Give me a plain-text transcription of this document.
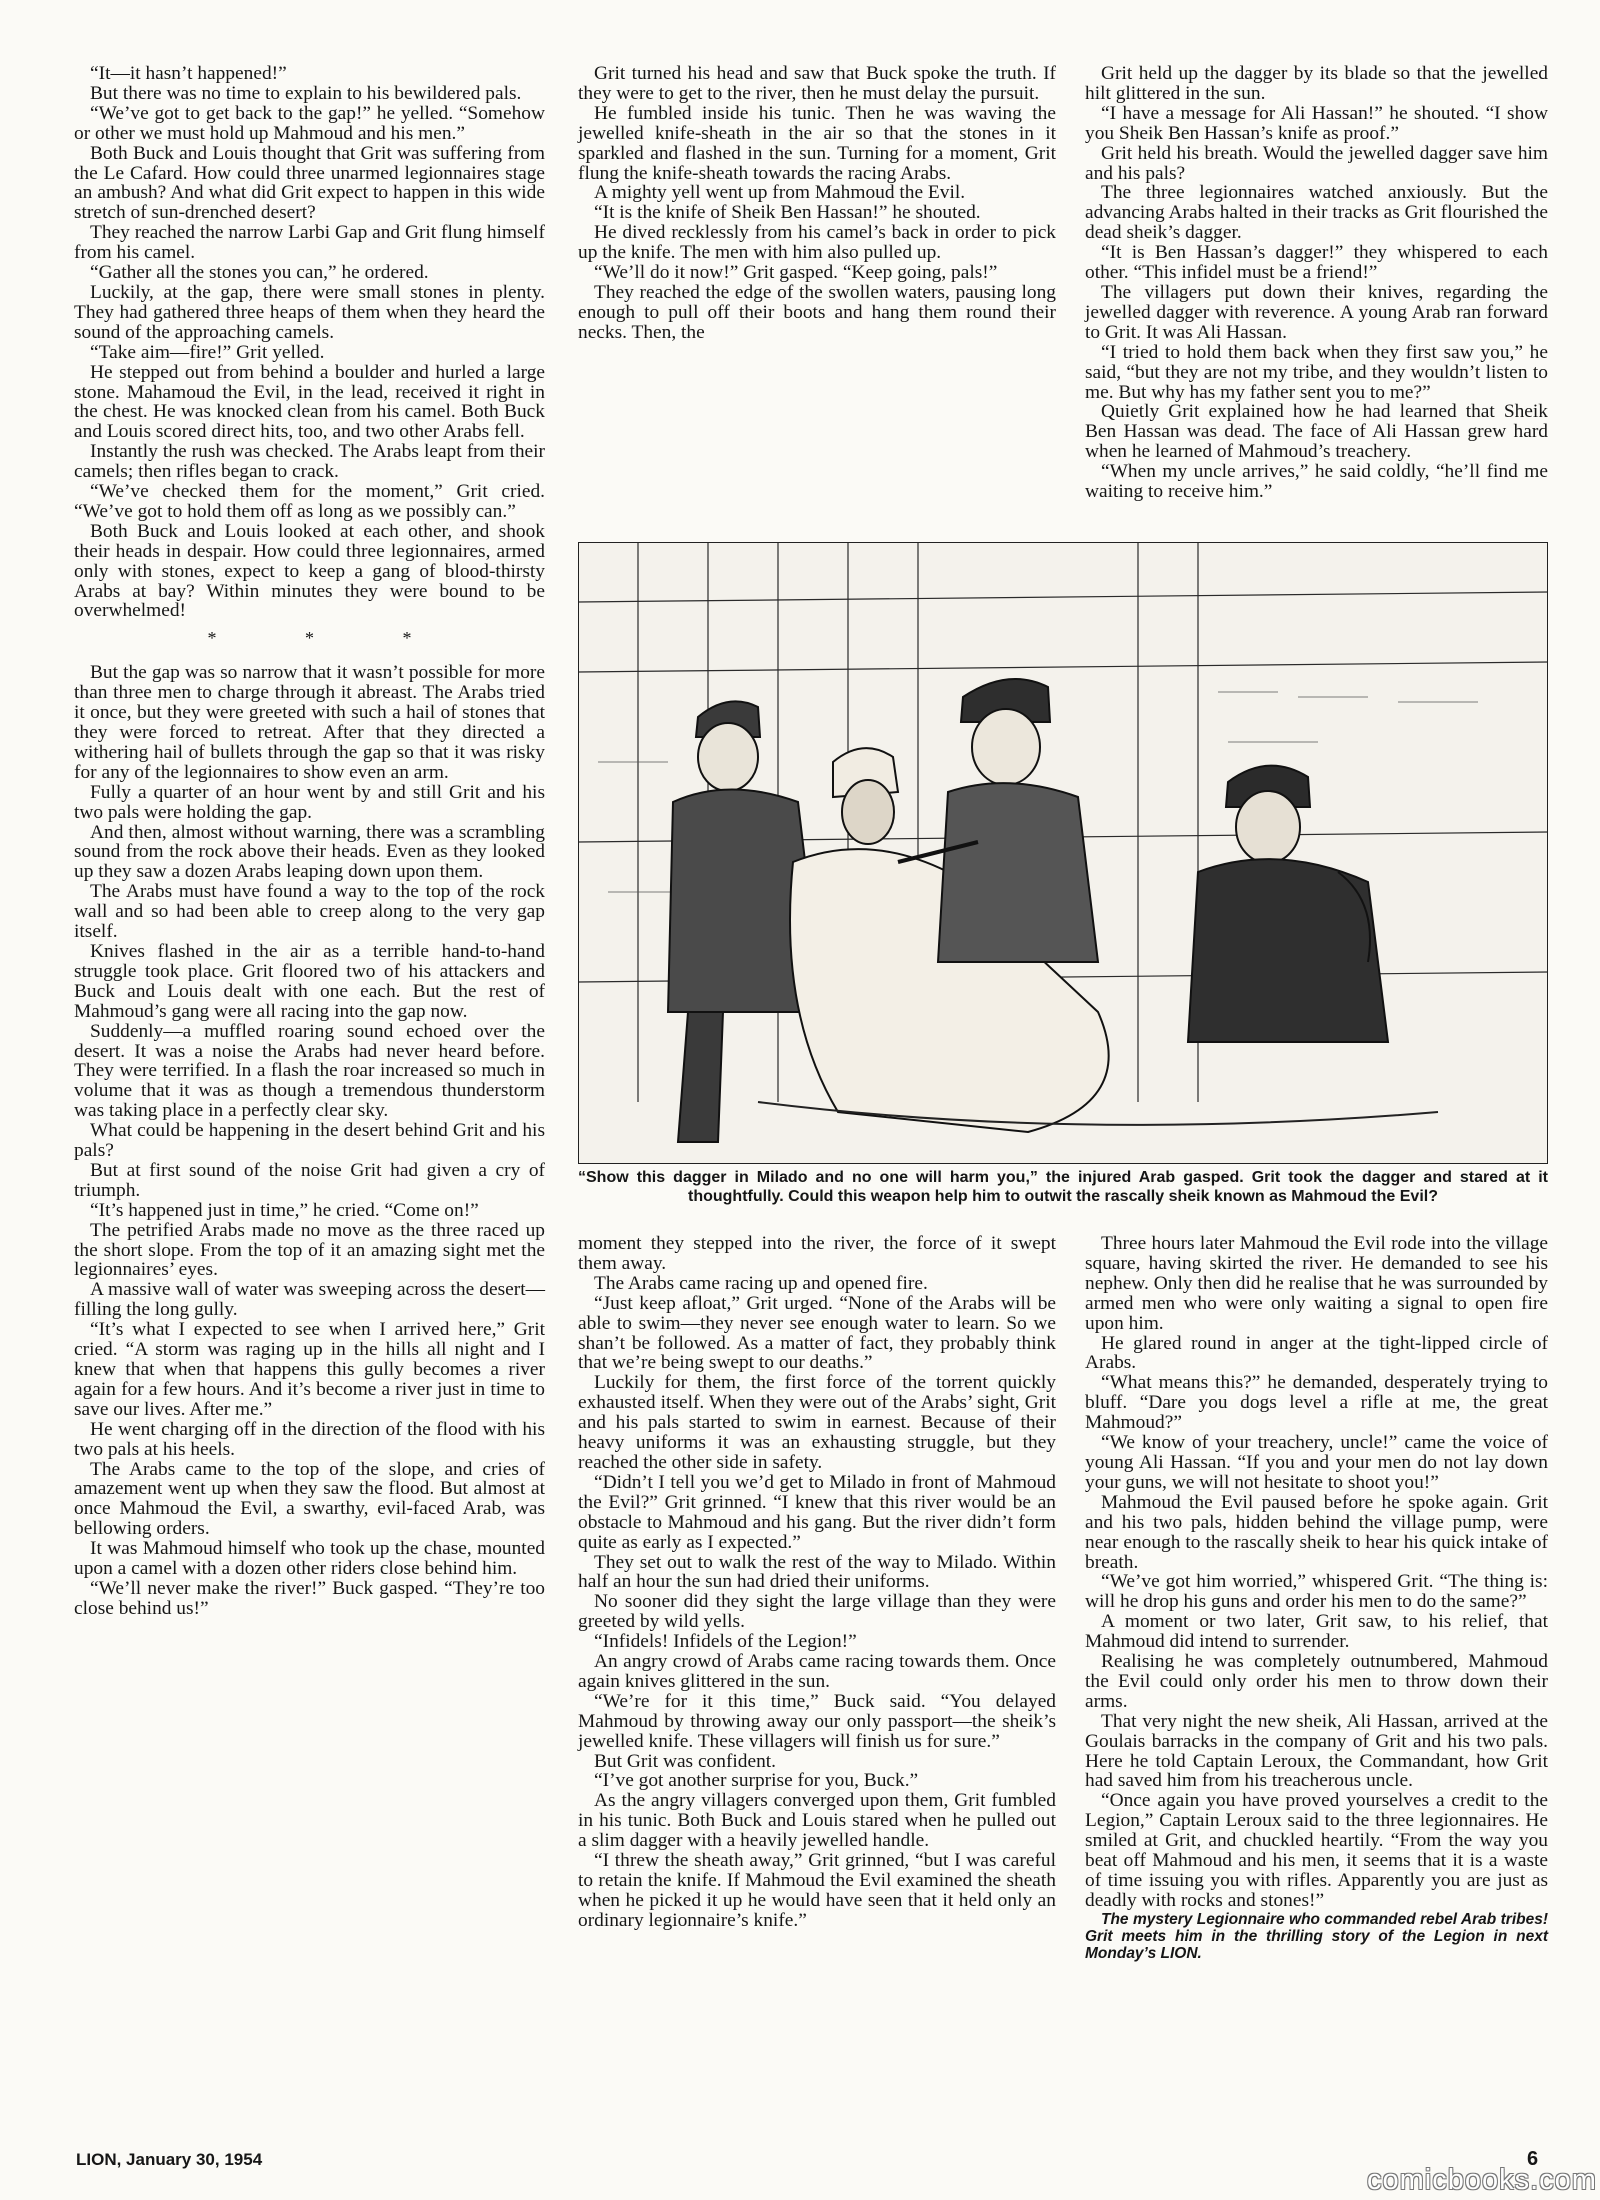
“It—it hasn’t happened!”

But there was no time to explain to his bewildered pals.

“We’ve got to get back to the gap!” he yelled. “Somehow or other we must hold up Mahmoud and his men.”

Both Buck and Louis thought that Grit was suffering from the Le Cafard. How could three unarmed legionnaires stage an ambush? And what did Grit expect to happen in this wide stretch of sun-drenched desert?

They reached the narrow Larbi Gap and Grit flung himself from his camel.

“Gather all the stones you can,” he ordered.

Luckily, at the gap, there were small stones in plenty. They had gathered three heaps of them when they heard the sound of the approaching camels.

“Take aim—fire!” Grit yelled.

He stepped out from behind a boulder and hurled a large stone. Mahamoud the Evil, in the lead, received it right in the chest. He was knocked clean from his camel. Both Buck and Louis scored direct hits, too, and two other Arabs fell.

Instantly the rush was checked. The Arabs leapt from their camels; then rifles began to crack.

“We’ve checked them for the moment,” Grit cried. “We’ve got to hold them off as long as we possibly can.”

Both Buck and Louis looked at each other, and shook their heads in despair. How could three legionnaires, armed only with stones, expect to keep a gang of blood-thirsty Arabs at bay? Within minutes they were bound to be overwhelmed!

* * *

But the gap was so narrow that it wasn’t possible for more than three men to charge through it abreast. The Arabs tried it once, but they were greeted with such a hail of stones that they were forced to retreat. After that they directed a withering hail of bullets through the gap so that it was risky for any of the legionnaires to show even an arm.

Fully a quarter of an hour went by and still Grit and his two pals were holding the gap.

And then, almost without warning, there was a scrambling sound from the rock above their heads. Even as they looked up they saw a dozen Arabs leaping down upon them.

The Arabs must have found a way to the top of the rock wall and so had been able to creep along to the very gap itself.

Knives flashed in the air as a terrible hand-to-hand struggle took place. Grit floored two of his attackers and Buck and Louis dealt with one each. But the rest of Mahmoud’s gang were all racing into the gap now.

Suddenly—a muffled roaring sound echoed over the desert. It was a noise the Arabs had never heard before. They were terrified. In a flash the roar increased so much in volume that it was as though a tremendous thunderstorm was taking place in a perfectly clear sky.

What could be happening in the desert behind Grit and his pals?

But at first sound of the noise Grit had given a cry of triumph.

“It’s happened just in time,” he cried. “Come on!”

The petrified Arabs made no move as the three raced up the short slope. From the top of it an amazing sight met the legionnaires’ eyes.

A massive wall of water was sweeping across the desert—filling the long gully.

“It’s what I expected to see when I arrived here,” Grit cried. “A storm was raging up in the hills all night and I knew that when that happens this gully becomes a river again for a few hours. And it’s become a river just in time to save our lives. After me.”

He went charging off in the direction of the flood with his two pals at his heels.

The Arabs came to the top of the slope, and cries of amazement went up when they saw the flood. But almost at once Mahmoud the Evil, a swarthy, evil-faced Arab, was bellowing orders.

It was Mahmoud himself who took up the chase, mounted upon a camel with a dozen other riders close behind him.

“We’ll never make the river!” Buck gasped. “They’re too close behind us!”

Grit turned his head and saw that Buck spoke the truth. If they were to get to the river, then he must delay the pursuit.

He fumbled inside his tunic. Then he was waving the jewelled knife-sheath in the air so that the stones in it sparkled and flashed in the sun. Turning for a moment, Grit flung the knife-sheath towards the racing Arabs.

A mighty yell went up from Mahmoud the Evil.

“It is the knife of Sheik Ben Hassan!” he shouted.

He dived recklessly from his camel’s back in order to pick up the knife. The men with him also pulled up.

“We’ll do it now!” Grit gasped. “Keep going, pals!”

They reached the edge of the swollen waters, pausing long enough to pull off their boots and hang them round their necks. Then, the

Grit held up the dagger by its blade so that the jewelled hilt glittered in the sun.

“I have a message for Ali Hassan!” he shouted. “I show you Sheik Ben Hassan’s knife as proof.”

Grit held his breath. Would the jewelled dagger save him and his pals?

The three legionnaires watched anxiously. But the advancing Arabs halted in their tracks as Grit flourished the dead sheik’s dagger.

“It is Ben Hassan’s dagger!” they whispered to each other. “This infidel must be a friend!”

The villagers put down their knives, regarding the jewelled dagger with reverence. A young Arab ran forward to Grit. It was Ali Hassan.

“I tried to hold them back when they first saw you,” he said, “but they are not my tribe, and they wouldn’t listen to me. But why has my father sent you to me?”

Quietly Grit explained how he had learned that Sheik Ben Hassan was dead. The face of Ali Hassan grew hard when he learned of Mahmoud’s treachery.

“When my uncle arrives,” he said coldly, “he’ll find me waiting to receive him.”

“Show this dagger in Milado and no one will harm you,” the injured Arab gasped. Grit took the dagger and stared at it thoughtfully. Could this weapon help him to outwit the rascally sheik known as Mahmoud the Evil?

moment they stepped into the river, the force of it swept them away.

The Arabs came racing up and opened fire.

“Just keep afloat,” Grit urged. “None of the Arabs will be able to swim—they never see enough water to learn. So we shan’t be followed. As a matter of fact, they probably think that we’re being swept to our deaths.”

Luckily for them, the first force of the torrent quickly exhausted itself. When they were out of the Arabs’ sight, Grit and his pals started to swim in earnest. Because of their heavy uniforms it was an exhausting struggle, but they reached the other side in safety.

“Didn’t I tell you we’d get to Milado in front of Mahmoud the Evil?” Grit grinned. “I knew that this river would be an obstacle to Mahmoud and his gang. But the river didn’t form quite as early as I expected.”

They set out to walk the rest of the way to Milado. Within half an hour the sun had dried their uniforms.

No sooner did they sight the large village than they were greeted by wild yells.

“Infidels! Infidels of the Legion!”

An angry crowd of Arabs came racing towards them. Once again knives glittered in the sun.

“We’re for it this time,” Buck said. “You delayed Mahmoud by throwing away our only passport—the sheik’s jewelled knife. These villagers will finish us for sure.”

But Grit was confident.

“I’ve got another surprise for you, Buck.”

As the angry villagers converged upon them, Grit fumbled in his tunic. Both Buck and Louis stared when he pulled out a slim dagger with a heavily jewelled handle.

“I threw the sheath away,” Grit grinned, “but I was careful to retain the knife. If Mahmoud the Evil examined the sheath when he picked it up he would have seen that it held only an ordinary legionnaire’s knife.”

Three hours later Mahmoud the Evil rode into the village square, having skirted the river. He demanded to see his nephew. Only then did he realise that he was surrounded by armed men who were only waiting a signal to open fire upon him.

He glared round in anger at the tight-lipped circle of Arabs.

“What means this?” he demanded, desperately trying to bluff. “Dare you dogs level a rifle at me, the great Mahmoud?”

“We know of your treachery, uncle!” came the voice of young Ali Hassan. “If you and your men do not lay down your guns, we will not hesitate to shoot you!”

Mahmoud the Evil paused before he spoke again. Grit and his two pals, hidden behind the village pump, were near enough to the rascally sheik to hear his quick intake of breath.

“We’ve got him worried,” whispered Grit. “The thing is: will he drop his guns and order his men to do the same?”

A moment or two later, Grit saw, to his relief, that Mahmoud did intend to surrender.

Realising he was completely outnumbered, Mahmoud the Evil could only order his men to throw down their arms.

That very night the new sheik, Ali Hassan, arrived at the Goulais barracks in the company of Grit and his two pals. Here he told Captain Leroux, the Commandant, how Grit had saved him from his treacherous uncle.

“Once again you have proved yourselves a credit to the Legion,” Captain Leroux said to the three legionnaires. He smiled at Grit, and chuckled heartily. “From the way you beat off Mahmoud and his men, it seems that it is a waste of time issuing you with rifles. Apparently you are just as deadly with rocks and stones!”

The mystery Legionnaire who commanded rebel Arab tribes! Grit meets him in the thrilling story of the Legion in next Monday’s LION.

LION, January 30, 1954
comicbooks.com
6
